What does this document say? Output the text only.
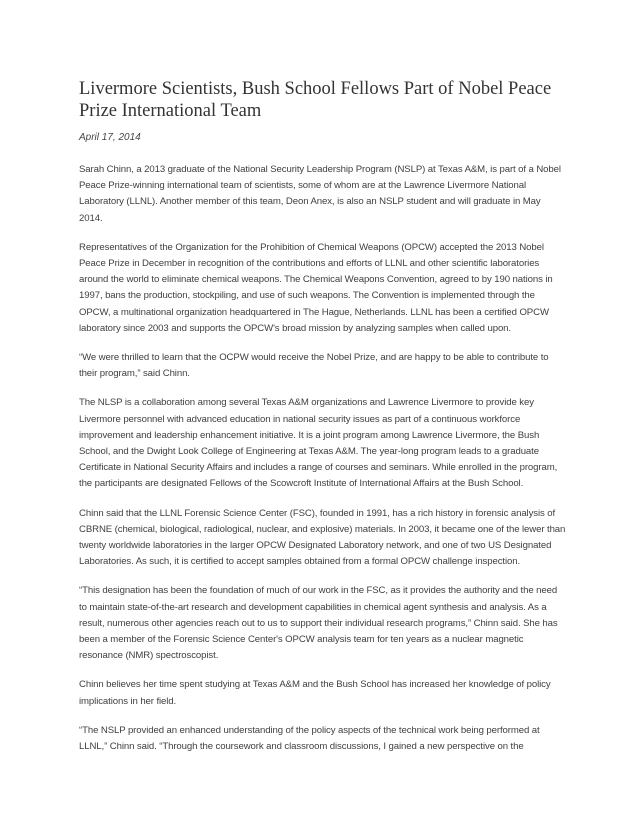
Livermore Scientists, Bush School Fellows Part of Nobel Peace Prize International Team
April 17, 2014

Sarah Chinn, a 2013 graduate of the National Security Leadership Program (NSLP) at Texas A&M, is part of a Nobel Peace Prize-winning international team of scientists, some of whom are at the Lawrence Livermore National Laboratory (LLNL). Another member of this team, Deon Anex, is also an NSLP student and will graduate in May 2014.

Representatives of the Organization for the Prohibition of Chemical Weapons (OPCW) accepted the 2013 Nobel Peace Prize in December in recognition of the contributions and efforts of LLNL and other scientific laboratories around the world to eliminate chemical weapons. The Chemical Weapons Convention, agreed to by 190 nations in 1997, bans the production, stockpiling, and use of such weapons. The Convention is implemented through the OPCW, a multinational organization headquartered in The Hague, Netherlands. LLNL has been a certified OPCW laboratory since 2003 and supports the OPCW's broad mission by analyzing samples when called upon.

“We were thrilled to learn that the OCPW would receive the Nobel Prize, and are happy to be able to contribute to their program,” said Chinn.

The NLSP is a collaboration among several Texas A&M organizations and Lawrence Livermore to provide key Livermore personnel with advanced education in national security issues as part of a continuous workforce improvement and leadership enhancement initiative. It is a joint program among Lawrence Livermore, the Bush School, and the Dwight Look College of Engineering at Texas A&M. The year-long program leads to a graduate Certificate in National Security Affairs and includes a range of courses and seminars. While enrolled in the program, the participants are designated Fellows of the Scowcroft Institute of International Affairs at the Bush School.

Chinn said that the LLNL Forensic Science Center (FSC), founded in 1991, has a rich history in forensic analysis of CBRNE (chemical, biological, radiological, nuclear, and explosive) materials. In 2003, it became one of the lewer than twenty worldwide laboratories in the larger OPCW Designated Laboratory network, and one of two US Designated Laboratories. As such, it is certified to accept samples obtained from a formal OPCW challenge inspection.

“This designation has been the foundation of much of our work in the FSC, as it provides the authority and the need to maintain state-of-the-art research and development capabilities in chemical agent synthesis and analysis. As a result, numerous other agencies reach out to us to support their individual research programs,” Chinn said. She has been a member of the Forensic Science Center's OPCW analysis team for ten years as a nuclear magnetic resonance (NMR) spectroscopist.

Chinn believes her time spent studying at Texas A&M and the Bush School has increased her knowledge of policy implications in her field.

“The NSLP provided an enhanced understanding of the policy aspects of the technical work being performed at LLNL,” Chinn said. “Through the coursework and classroom discussions, I gained a new perspective on the
